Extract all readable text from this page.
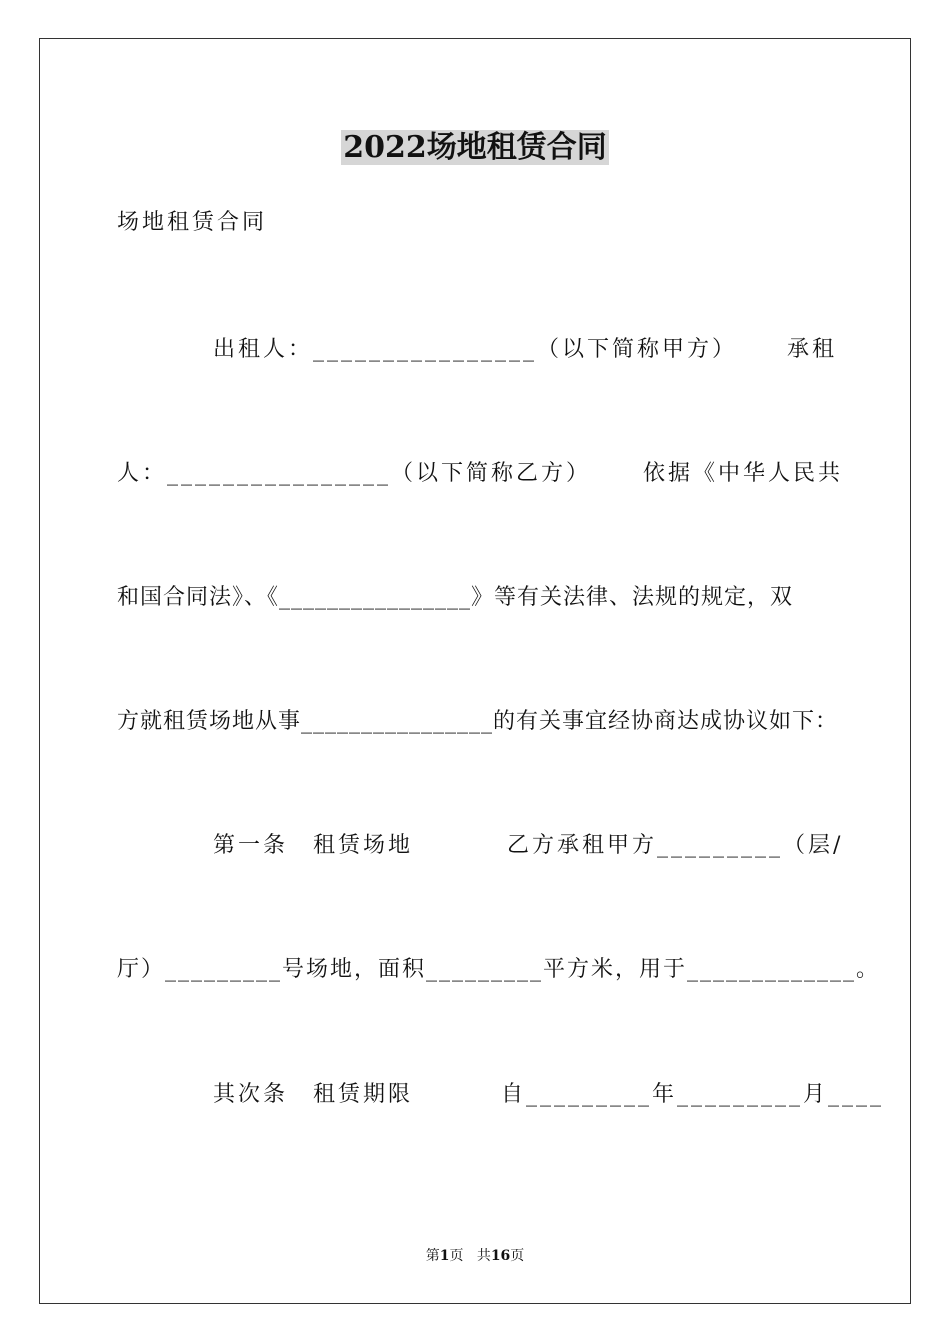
2022场地租赁合同
场地租赁合同
出租人：________________（以下简称甲方） 承租
人：________________（以下简称乙方） 依据《中华人民共
和国合同法》、《________________》等有关法律、法规的规定，双
方就租赁场地从事________________的有关事宜经协商达成协议如下：
第一条　租赁场地	乙方承租甲方_________（层/
厅）_________号场地，面积_________平方米，用于_____________。
其次条　租赁期限	自_________年_________月____
第1页 共16页
